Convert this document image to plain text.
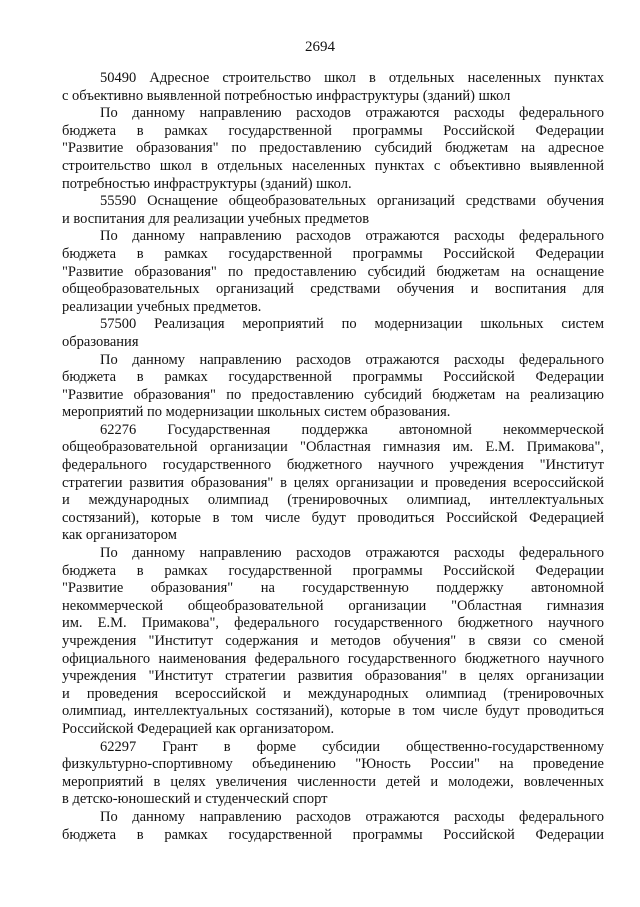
2694
50490 Адресное строительство школ в отдельных населенных пунктах
с объективно выявленной потребностью инфраструктуры (зданий) школ
По данному направлению расходов отражаются расходы федерального
бюджета в рамках государственной программы Российской Федерации
"Развитие образования" по предоставлению субсидий бюджетам на адресное
строительство школ в отдельных населенных пунктах с объективно выявленной
потребностью инфраструктуры (зданий) школ.
55590 Оснащение общеобразовательных организаций средствами обучения
и воспитания для реализации учебных предметов
По данному направлению расходов отражаются расходы федерального
бюджета в рамках государственной программы Российской Федерации
"Развитие образования" по предоставлению субсидий бюджетам на оснащение
общеобразовательных организаций средствами обучения и воспитания для
реализации учебных предметов.
57500 Реализация мероприятий по модернизации школьных систем
образования
По данному направлению расходов отражаются расходы федерального
бюджета в рамках государственной программы Российской Федерации
"Развитие образования" по предоставлению субсидий бюджетам на реализацию
мероприятий по модернизации школьных систем образования.
62276 Государственная поддержка автономной некоммерческой
общеобразовательной организации "Областная гимназия им. Е.М. Примакова",
федерального государственного бюджетного научного учреждения "Институт
стратегии развития образования" в целях организации и проведения всероссийской
и международных олимпиад (тренировочных олимпиад, интеллектуальных
состязаний), которые в том числе будут проводиться Российской Федерацией
как организатором
По данному направлению расходов отражаются расходы федерального
бюджета в рамках государственной программы Российской Федерации
"Развитие образования" на государственную поддержку автономной
некоммерческой общеобразовательной организации "Областная гимназия
им. Е.М. Примакова", федерального государственного бюджетного научного
учреждения "Институт содержания и методов обучения" в связи со сменой
официального наименования федерального государственного бюджетного научного
учреждения "Институт стратегии развития образования" в целях организации
и проведения всероссийской и международных олимпиад (тренировочных
олимпиад, интеллектуальных состязаний), которые в том числе будут проводиться
Российской Федерацией как организатором.
62297 Грант в форме субсидии общественно-государственному
физкультурно-спортивному объединению "Юность России" на проведение
мероприятий в целях увеличения численности детей и молодежи, вовлеченных
в детско-юношеский и студенческий спорт
По данному направлению расходов отражаются расходы федерального
бюджета в рамках государственной программы Российской Федерации
